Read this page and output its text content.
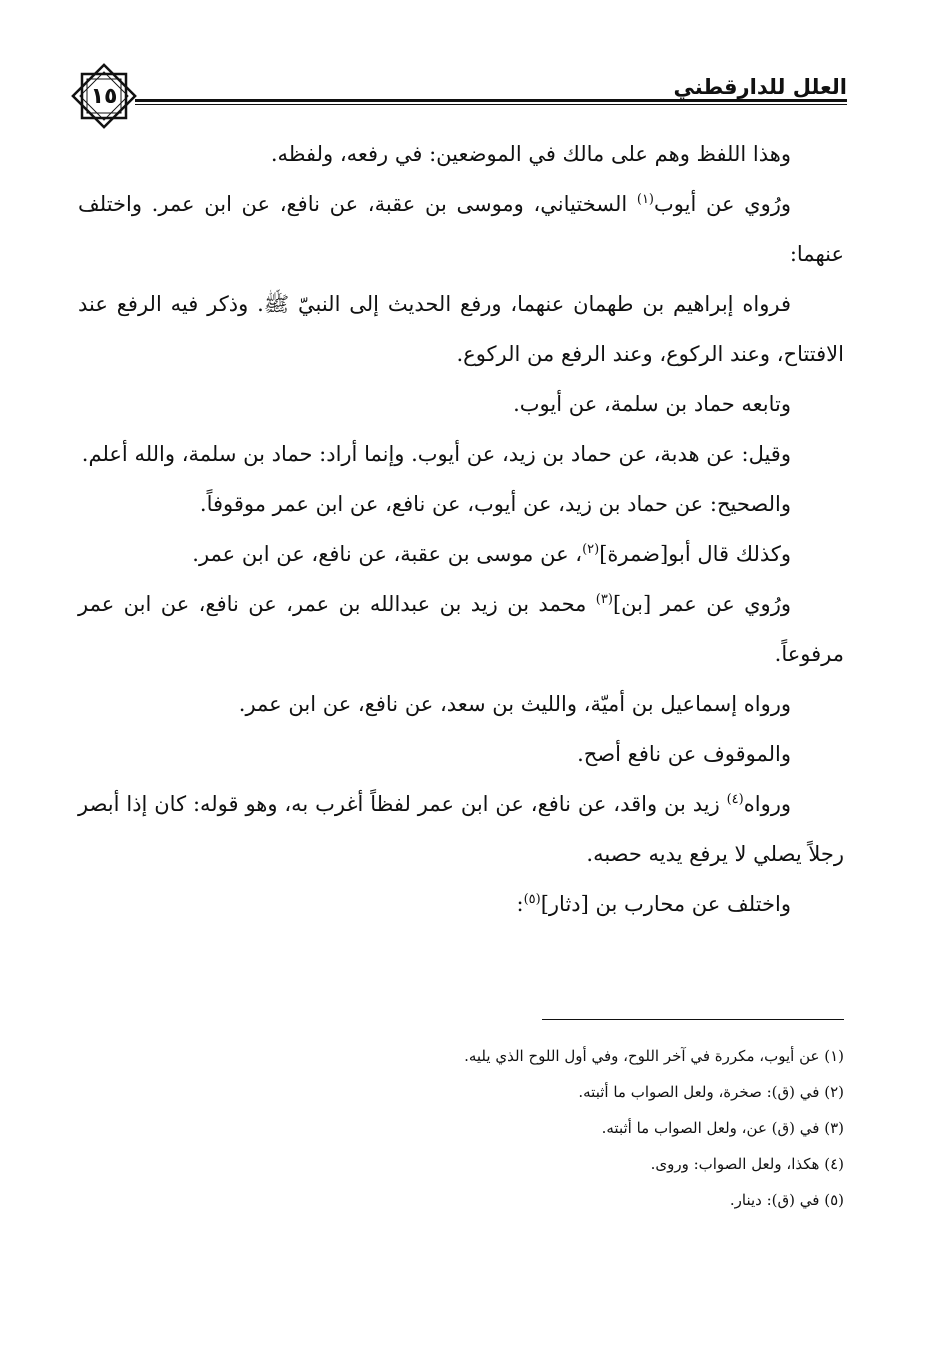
العلل للدارقطني
١٥

وهذا اللفظ وهم على مالك في الموضعين: في رفعه، ولفظه.

ورُوي عن أيوب$^{(١)}$ السختياني، وموسى بن عقبة، عن نافع، عن ابن عمر. واختلف عنهما:

فرواه إبراهيم بن طهمان عنهما، ورفع الحديث إلى النبيّ ﷺ. وذكر فيه الرفع عند الافتتاح، وعند الركوع، وعند الرفع من الركوع.

وتابعه حماد بن سلمة، عن أيوب.

وقيل: عن هدبة، عن حماد بن زيد، عن أيوب. وإنما أراد: حماد بن سلمة، والله أعلم.

والصحيح: عن حماد بن زيد، عن أيوب، عن نافع، عن ابن عمر موقوفاً.

وكذلك قال أبو[ضمرة]$^{(٢)}$، عن موسى بن عقبة، عن نافع، عن ابن عمر.

ورُوي عن عمر [بن]$^{(٣)}$ محمد بن زيد بن عبدالله بن عمر، عن نافع، عن ابن عمر مرفوعاً.

ورواه إسماعيل بن أميّة، والليث بن سعد، عن نافع، عن ابن عمر.

والموقوف عن نافع أصح.

ورواه$^{(٤)}$ زيد بن واقد، عن نافع، عن ابن عمر لفظاً أغرب به، وهو قوله: كان إذا أبصر رجلاً يصلي لا يرفع يديه حصبه.

واختلف عن محارب بن [دثار]$^{(٥)}$:

(١) عن أيوب، مكررة في آخر اللوح، وفي أول اللوح الذي يليه.

(٢) في (ق): صخرة، ولعل الصواب ما أثبته.

(٣) في (ق) عن، ولعل الصواب ما أثبته.

(٤) هكذا، ولعل الصواب: وروى.

(٥) في (ق): دينار.
